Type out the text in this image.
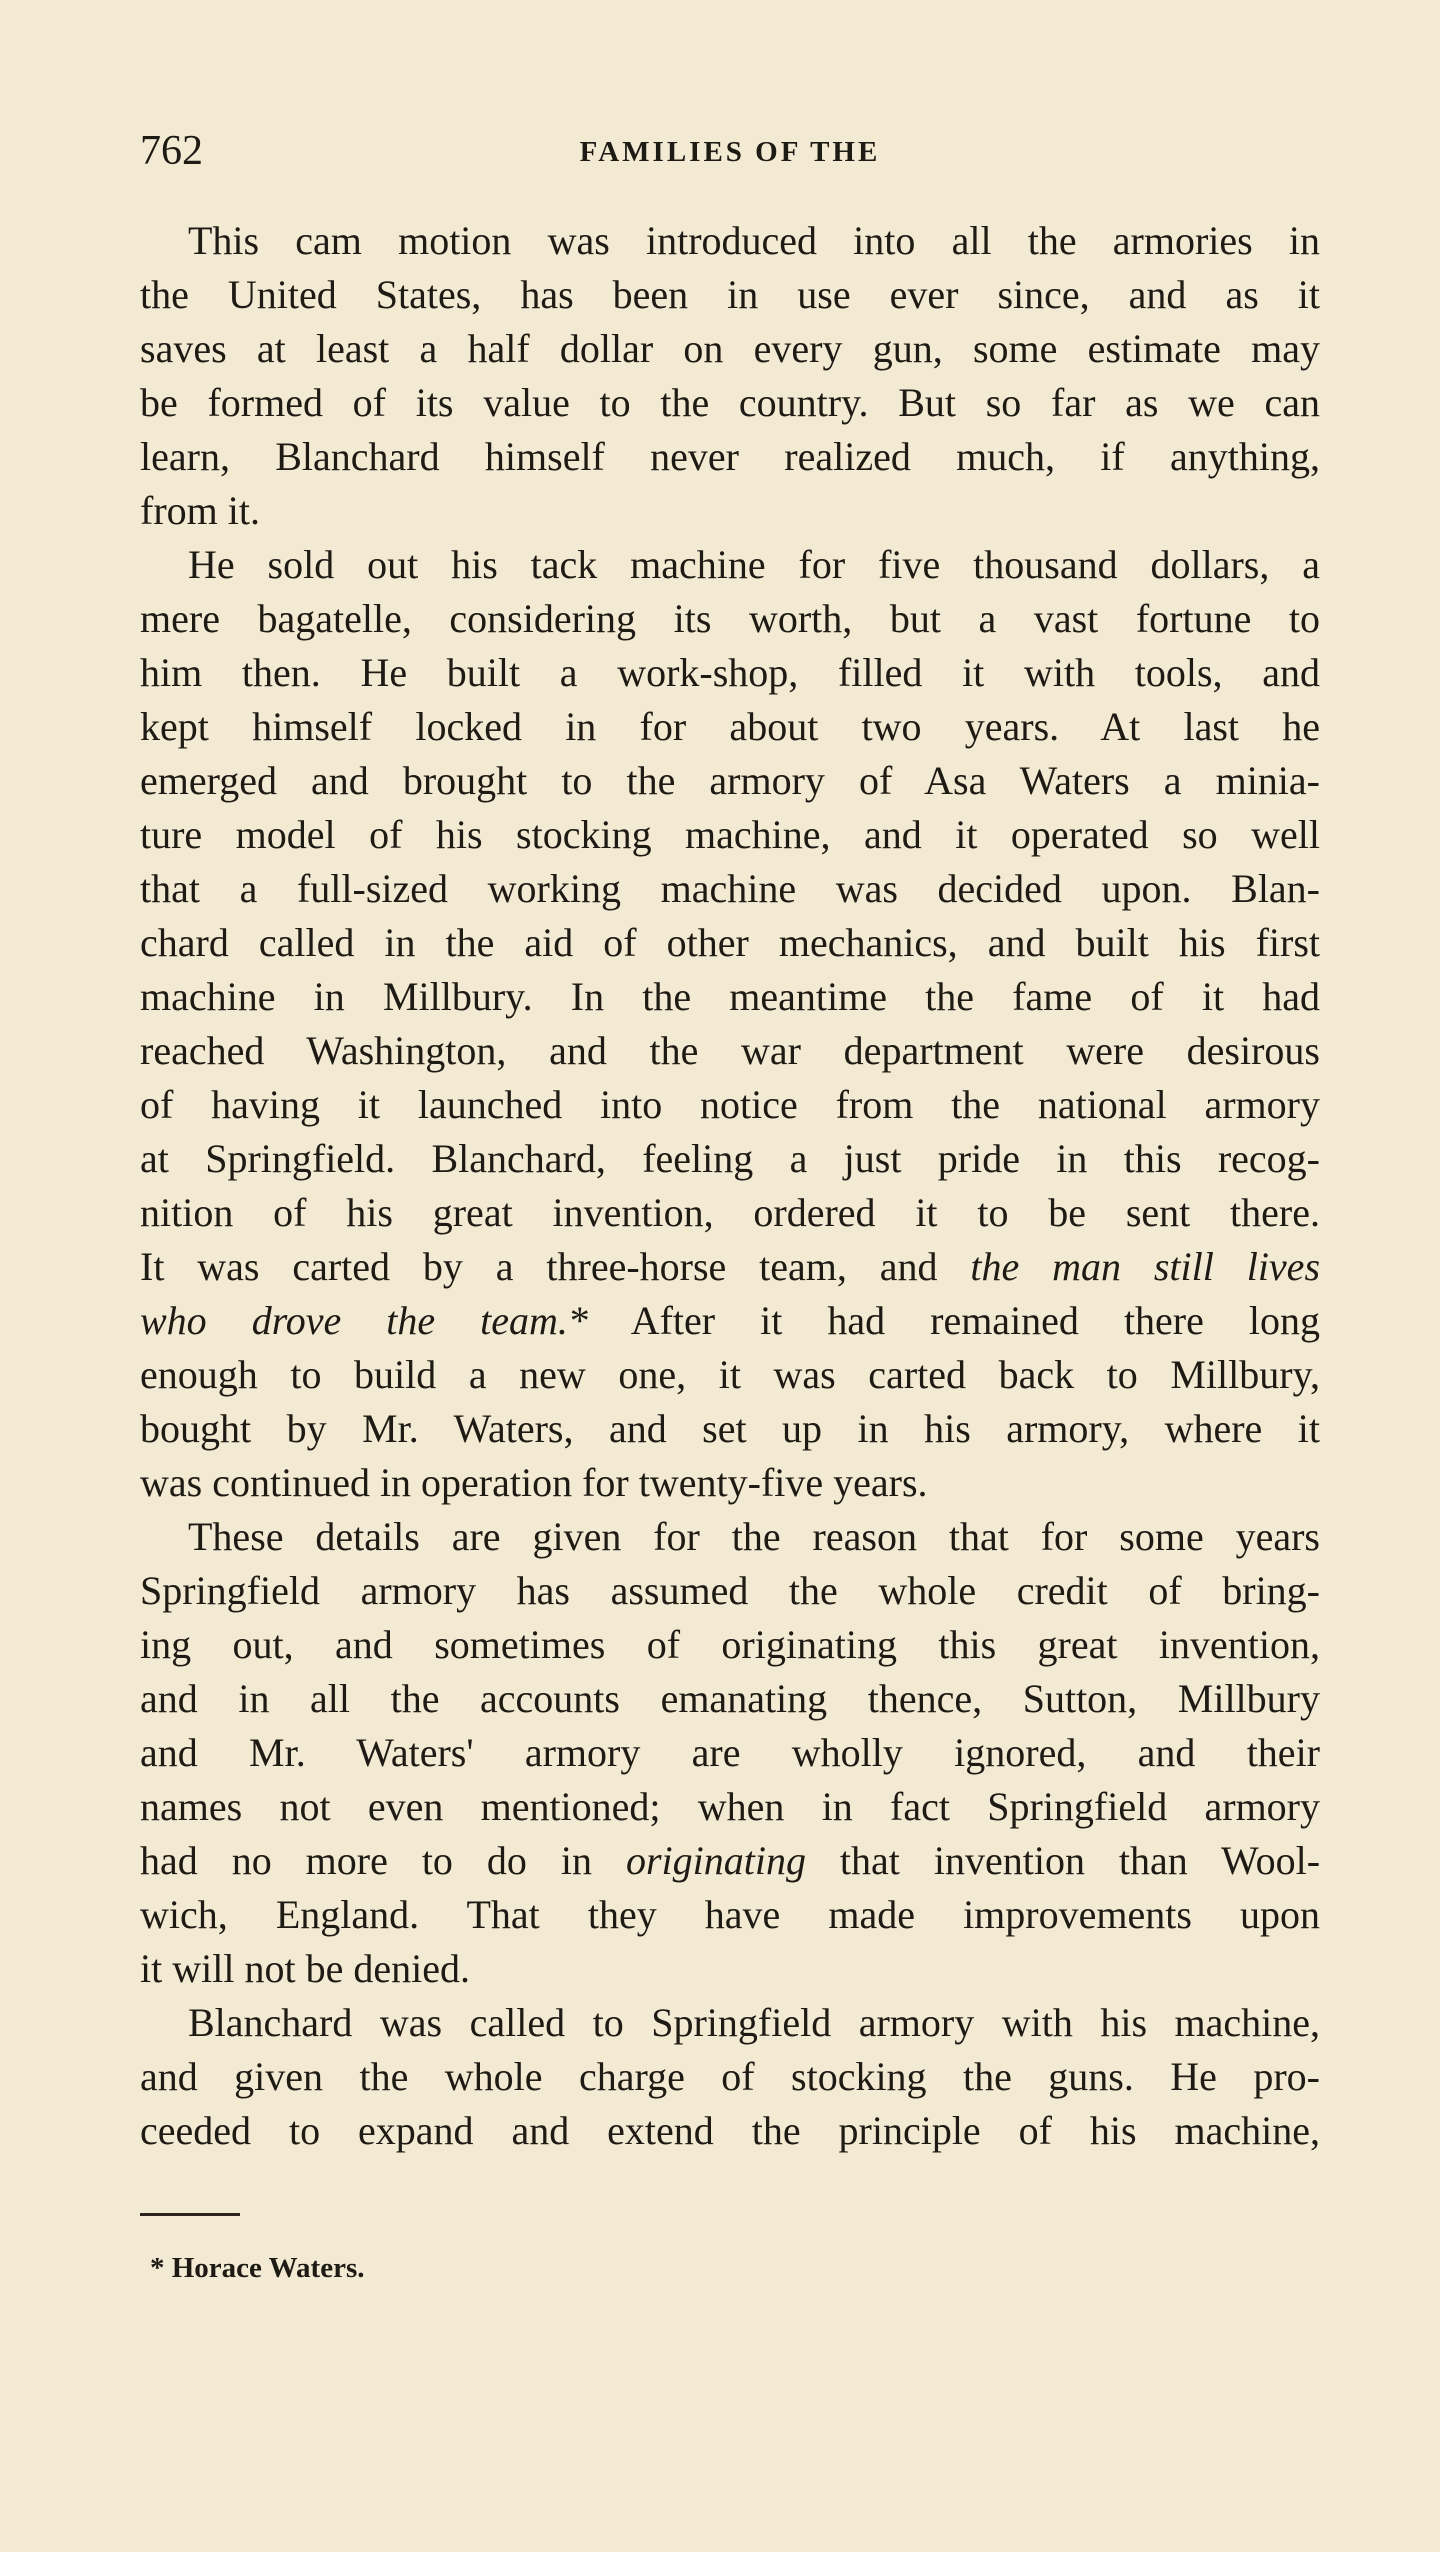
762	FAMILIES OF THE
This cam motion was introduced into all the armories in
the United States, has been in use ever since, and as it
saves at least a half dollar on every gun, some estimate may
be formed of its value to the country. But so far as we can
learn, Blanchard himself never realized much, if anything,
from it.
He sold out his tack machine for five thousand dollars, a
mere bagatelle, considering its worth, but a vast fortune to
him then. He built a work-shop, filled it with tools, and
kept himself locked in for about two years. At last he
emerged and brought to the armory of Asa Waters a minia-
ture model of his stocking machine, and it operated so well
that a full-sized working machine was decided upon. Blan-
chard called in the aid of other mechanics, and built his first
machine in Millbury. In the meantime the fame of it had
reached Washington, and the war department were desirous
of having it launched into notice from the national armory
at Springfield. Blanchard, feeling a just pride in this recog-
nition of his great invention, ordered it to be sent there.
It was carted by a three-horse team, and the man still lives
who drove the team.* After it had remained there long
enough to build a new one, it was carted back to Millbury,
bought by Mr. Waters, and set up in his armory, where it
was continued in operation for twenty-five years.
These details are given for the reason that for some years
Springfield armory has assumed the whole credit of bring-
ing out, and sometimes of originating this great invention,
and in all the accounts emanating thence, Sutton, Millbury
and Mr. Waters' armory are wholly ignored, and their
names not even mentioned; when in fact Springfield armory
had no more to do in originating that invention than Wool-
wich, England. That they have made improvements upon
it will not be denied.
Blanchard was called to Springfield armory with his machine,
and given the whole charge of stocking the guns. He pro-
ceeded to expand and extend the principle of his machine,
* Horace Waters.
